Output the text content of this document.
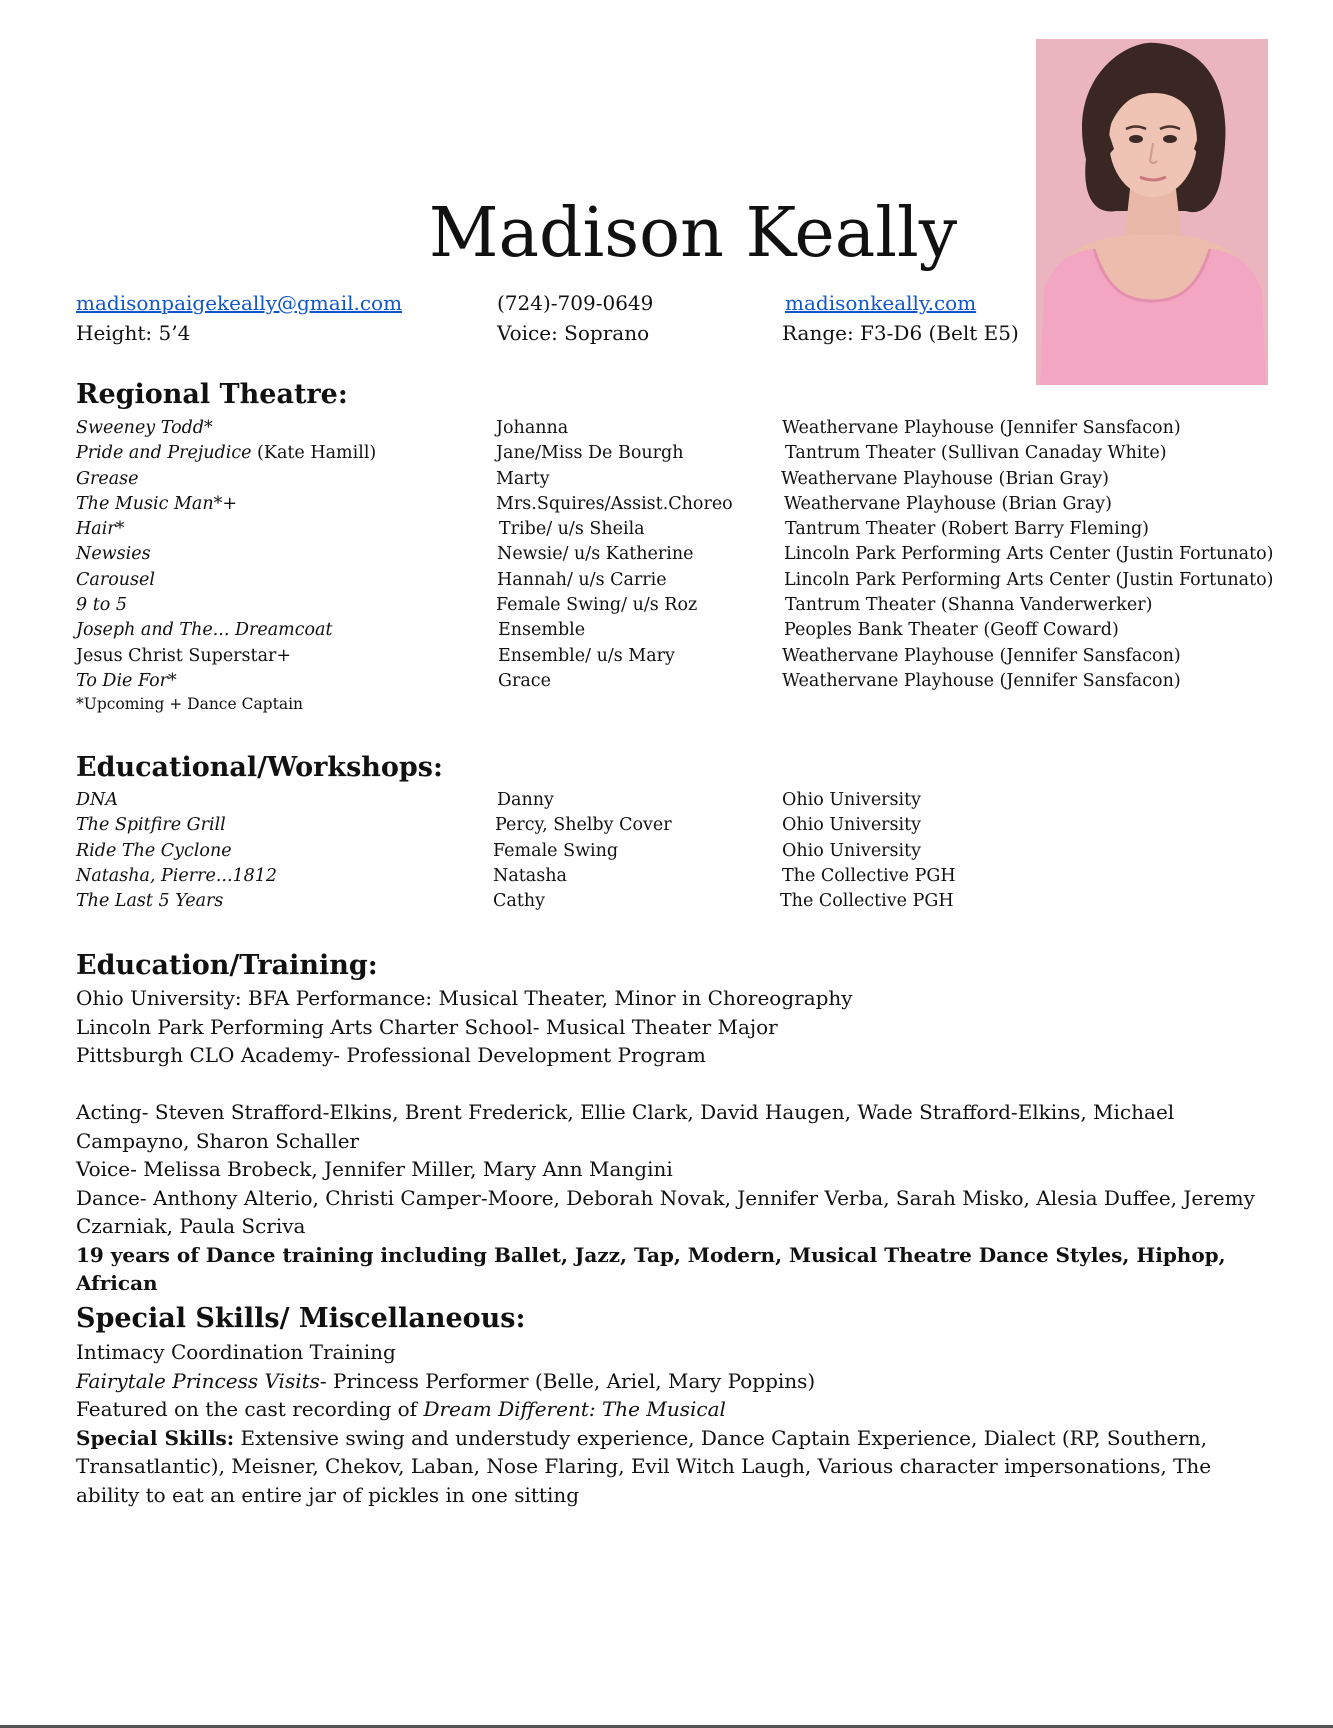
Madison Keally
madisonpaigekeally@gmail.com	(724)-709-0649	madisonkeally.com
Height: 5’4	Voice: Soprano	Range: F3-D6 (Belt E5)
Regional Theatre:
Sweeney Todd*	Johanna	Weathervane Playhouse (Jennifer Sansfacon)
Pride and Prejudice (Kate Hamill)	Jane/Miss De Bourgh	Tantrum Theater (Sullivan Canaday White)
Grease	Marty	Weathervane Playhouse (Brian Gray)
The Music Man*+	Mrs.Squires/Assist.Choreo	Weathervane Playhouse (Brian Gray)
Hair*	Tribe/ u/s Sheila	Tantrum Theater (Robert Barry Fleming)
Newsies	Newsie/ u/s Katherine	Lincoln Park Performing Arts Center (Justin Fortunato)
Carousel	Hannah/ u/s Carrie	Lincoln Park Performing Arts Center (Justin Fortunato)
9 to 5	Female Swing/ u/s Roz	Tantrum Theater (Shanna Vanderwerker)
Joseph and The... Dreamcoat	Ensemble	Peoples Bank Theater (Geoff Coward)
Jesus Christ Superstar+	Ensemble/ u/s Mary	Weathervane Playhouse (Jennifer Sansfacon)
To Die For*	Grace	Weathervane Playhouse (Jennifer Sansfacon)
*Upcoming + Dance Captain
Educational/Workshops:
DNA	Danny	Ohio University
The Spitfire Grill	Percy, Shelby Cover	Ohio University
Ride The Cyclone	Female Swing	Ohio University
Natasha, Pierre...1812	Natasha	The Collective PGH
The Last 5 Years	Cathy	The Collective PGH
Education/Training:

Ohio University: BFA Performance: Musical Theater, Minor in Choreography

Lincoln Park Performing Arts Charter School- Musical Theater Major

Pittsburgh CLO Academy- Professional Development Program

Acting- Steven Strafford-Elkins, Brent Frederick, Ellie Clark, David Haugen, Wade Strafford-Elkins, Michael Campayno, Sharon Schaller

Voice- Melissa Brobeck, Jennifer Miller, Mary Ann Mangini

Dance- Anthony Alterio, Christi Camper-Moore, Deborah Novak, Jennifer Verba, Sarah Misko, Alesia Duffee, Jeremy Czarniak, Paula Scriva

19 years of Dance training including Ballet, Jazz, Tap, Modern, Musical Theatre Dance Styles, Hiphop, African

Special Skills/ Miscellaneous:

Intimacy Coordination Training

Fairytale Princess Visits- Princess Performer (Belle, Ariel, Mary Poppins)

Featured on the cast recording of Dream Different: The Musical

Special Skills: Extensive swing and understudy experience, Dance Captain Experience, Dialect (RP, Southern, Transatlantic), Meisner, Chekov, Laban, Nose Flaring, Evil Witch Laugh, Various character impersonations, The ability to eat an entire jar of pickles in one sitting
